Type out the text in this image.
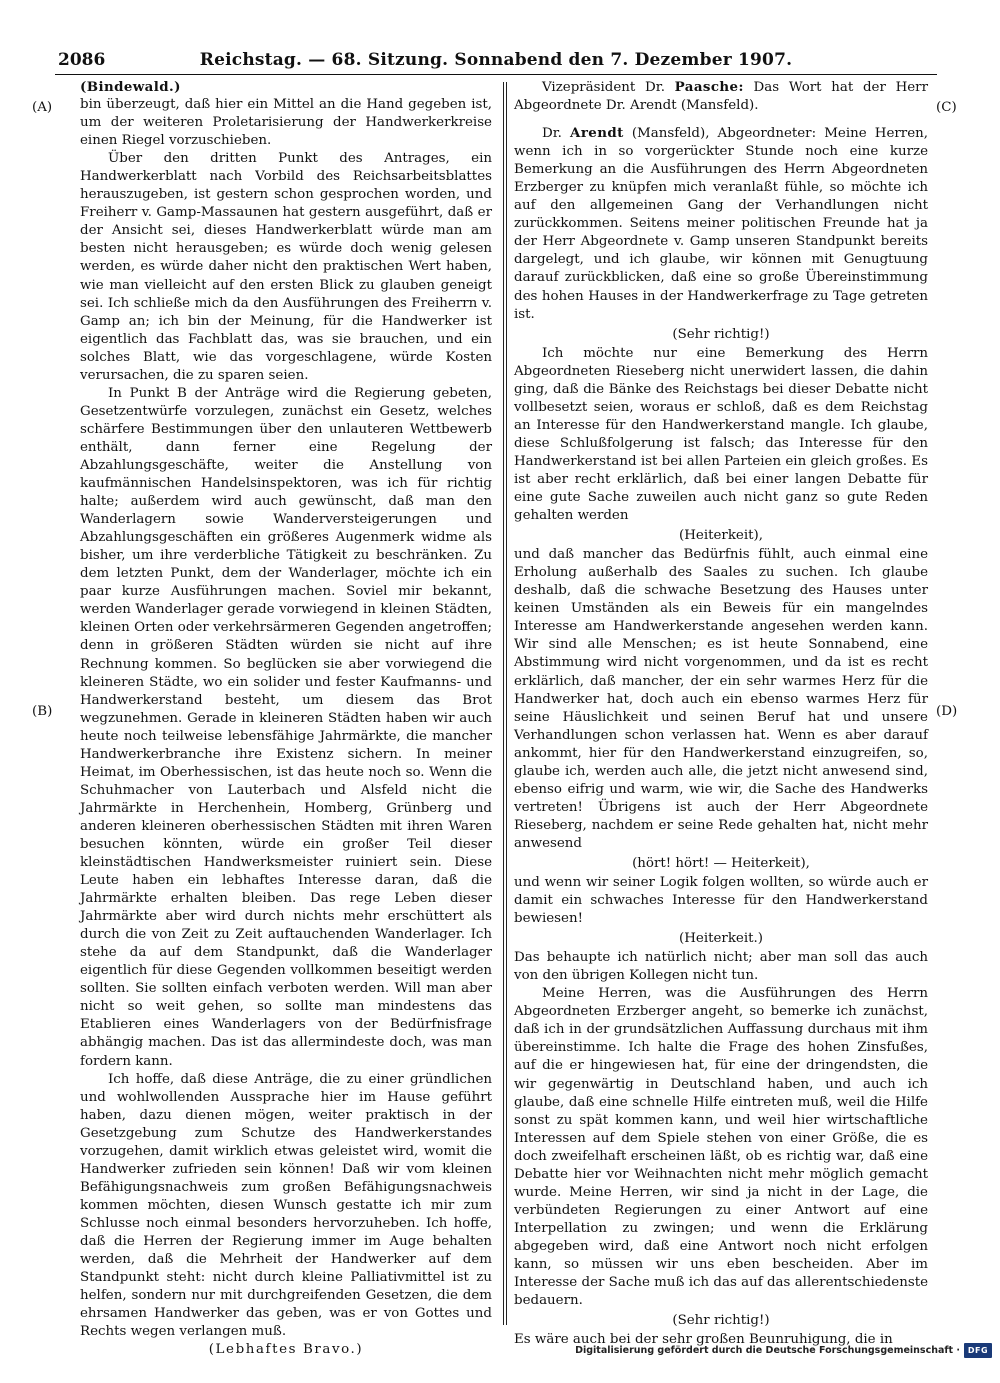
2086	Reichstag. — 68. Sitzung. Sonnabend den 7. Dezember 1907.
(A)
(B)
(C)
(D)

(Bindewald.)

bin überzeugt, daß hier ein Mittel an die Hand gegeben ist, um der weiteren Proletarisierung der Handwerkerkreise einen Riegel vorzuschieben.

Über den dritten Punkt des Antrages, ein Handwerkerblatt nach Vorbild des Reichsarbeitsblattes herauszugeben, ist gestern schon gesprochen worden, und Freiherr v. Gamp-Massaunen hat gestern ausgeführt, daß er der Ansicht sei, dieses Handwerkerblatt würde man am besten nicht herausgeben; es würde doch wenig gelesen werden, es würde daher nicht den praktischen Wert haben, wie man vielleicht auf den ersten Blick zu glauben geneigt sei. Ich schließe mich da den Ausführungen des Freiherrn v. Gamp an; ich bin der Meinung, für die Handwerker ist eigentlich das Fachblatt das, was sie brauchen, und ein solches Blatt, wie das vorgeschlagene, würde Kosten verursachen, die zu sparen seien.

In Punkt B der Anträge wird die Regierung gebeten, Gesetzentwürfe vorzulegen, zunächst ein Gesetz, welches schärfere Bestimmungen über den unlauteren Wettbewerb enthält, dann ferner eine Regelung der Abzahlungsgeschäfte, weiter die Anstellung von kaufmännischen Handelsinspektoren, was ich für richtig halte; außerdem wird auch gewünscht, daß man den Wanderlagern sowie Wanderversteigerungen und Abzahlungsgeschäften ein größeres Augenmerk widme als bisher, um ihre verderbliche Tätigkeit zu beschränken. Zu dem letzten Punkt, dem der Wanderlager, möchte ich ein paar kurze Ausführungen machen. Soviel mir bekannt, werden Wanderlager gerade vorwiegend in kleinen Städten, kleinen Orten oder verkehrsärmeren Gegenden angetroffen; denn in größeren Städten würden sie nicht auf ihre Rechnung kommen. So beglücken sie aber vorwiegend die kleineren Städte, wo ein solider und fester Kaufmanns- und Handwerkerstand besteht, um diesem das Brot wegzunehmen. Gerade in kleineren Städten haben wir auch heute noch teilweise lebensfähige Jahrmärkte, die mancher Handwerkerbranche ihre Existenz sichern. In meiner Heimat, im Oberhessischen, ist das heute noch so. Wenn die Schuhmacher von Lauterbach und Alsfeld nicht die Jahrmärkte in Herchenhein, Homberg, Grünberg und anderen kleineren oberhessischen Städten mit ihren Waren besuchen könnten, würde ein großer Teil dieser kleinstädtischen Handwerksmeister ruiniert sein. Diese Leute haben ein lebhaftes Interesse daran, daß die Jahrmärkte erhalten bleiben. Das rege Leben dieser Jahrmärkte aber wird durch nichts mehr erschüttert als durch die von Zeit zu Zeit auftauchenden Wanderlager. Ich stehe da auf dem Standpunkt, daß die Wanderlager eigentlich für diese Gegenden vollkommen beseitigt werden sollten. Sie sollten einfach verboten werden. Will man aber nicht so weit gehen, so sollte man mindestens das Etablieren eines Wanderlagers von der Bedürfnisfrage abhängig machen. Das ist das allermindeste doch, was man fordern kann.

Ich hoffe, daß diese Anträge, die zu einer gründlichen und wohlwollenden Aussprache hier im Hause geführt haben, dazu dienen mögen, weiter praktisch in der Gesetzgebung zum Schutze des Handwerkerstandes vorzugehen, damit wirklich etwas geleistet wird, womit die Handwerker zufrieden sein können! Daß wir vom kleinen Befähigungsnachweis zum großen Befähigungsnachweis kommen möchten, diesen Wunsch gestatte ich mir zum Schlusse noch einmal besonders hervorzuheben. Ich hoffe, daß die Herren der Regierung immer im Auge behalten werden, daß die Mehrheit der Handwerker auf dem Standpunkt steht: nicht durch kleine Palliativmittel ist zu helfen, sondern nur mit durchgreifenden Gesetzen, die dem ehrsamen Handwerker das geben, was er von Gottes und Rechts wegen verlangen muß.

(Lebhaftes Bravo.)

Vizepräsident Dr. Paasche: Das Wort hat der Herr Abgeordnete Dr. Arendt (Mansfeld).

Dr. Arendt (Mansfeld), Abgeordneter: Meine Herren, wenn ich in so vorgerückter Stunde noch eine kurze Bemerkung an die Ausführungen des Herrn Abgeordneten Erzberger zu knüpfen mich veranlaßt fühle, so möchte ich auf den allgemeinen Gang der Verhandlungen nicht zurückkommen. Seitens meiner politischen Freunde hat ja der Herr Abgeordnete v. Gamp unseren Standpunkt bereits dargelegt, und ich glaube, wir können mit Genugtuung darauf zurückblicken, daß eine so große Übereinstimmung des hohen Hauses in der Handwerkerfrage zu Tage getreten ist.

(Sehr richtig!)

Ich möchte nur eine Bemerkung des Herrn Abgeordneten Rieseberg nicht unerwidert lassen, die dahin ging, daß die Bänke des Reichstags bei dieser Debatte nicht vollbesetzt seien, woraus er schloß, daß es dem Reichstag an Interesse für den Handwerkerstand mangle. Ich glaube, diese Schlußfolgerung ist falsch; das Interesse für den Handwerkerstand ist bei allen Parteien ein gleich großes. Es ist aber recht erklärlich, daß bei einer langen Debatte für eine gute Sache zuweilen auch nicht ganz so gute Reden gehalten werden

(Heiterkeit),

und daß mancher das Bedürfnis fühlt, auch einmal eine Erholung außerhalb des Saales zu suchen. Ich glaube deshalb, daß die schwache Besetzung des Hauses unter keinen Umständen als ein Beweis für ein mangelndes Interesse am Handwerkerstande angesehen werden kann. Wir sind alle Menschen; es ist heute Sonnabend, eine Abstimmung wird nicht vorgenommen, und da ist es recht erklärlich, daß mancher, der ein sehr warmes Herz für die Handwerker hat, doch auch ein ebenso warmes Herz für seine Häuslichkeit und seinen Beruf hat und unsere Verhandlungen schon verlassen hat. Wenn es aber darauf ankommt, hier für den Handwerkerstand einzugreifen, so, glaube ich, werden auch alle, die jetzt nicht anwesend sind, ebenso eifrig und warm, wie wir, die Sache des Handwerks vertreten! Übrigens ist auch der Herr Abgeordnete Rieseberg, nachdem er seine Rede gehalten hat, nicht mehr anwesend

(hört! hört! — Heiterkeit),

und wenn wir seiner Logik folgen wollten, so würde auch er damit ein schwaches Interesse für den Handwerkerstand bewiesen!

(Heiterkeit.)

Das behaupte ich natürlich nicht; aber man soll das auch von den übrigen Kollegen nicht tun.

Meine Herren, was die Ausführungen des Herrn Abgeordneten Erzberger angeht, so bemerke ich zunächst, daß ich in der grundsätzlichen Auffassung durchaus mit ihm übereinstimme. Ich halte die Frage des hohen Zinsfußes, auf die er hingewiesen hat, für eine der dringendsten, die wir gegenwärtig in Deutschland haben, und auch ich glaube, daß eine schnelle Hilfe eintreten muß, weil die Hilfe sonst zu spät kommen kann, und weil hier wirtschaftliche Interessen auf dem Spiele stehen von einer Größe, die es doch zweifelhaft erscheinen läßt, ob es richtig war, daß eine Debatte hier vor Weihnachten nicht mehr möglich gemacht wurde. Meine Herren, wir sind ja nicht in der Lage, die verbündeten Regierungen zu einer Antwort auf eine Interpellation zu zwingen; und wenn die Erklärung abgegeben wird, daß eine Antwort noch nicht erfolgen kann, so müssen wir uns eben bescheiden. Aber im Interesse der Sache muß ich das auf das allerentschiedenste bedauern.

(Sehr richtig!)

Es wäre auch bei der sehr großen Beunruhigung, die in

Digitalisierung gefördert durch die Deutsche Forschungsgemeinschaft · DFG
